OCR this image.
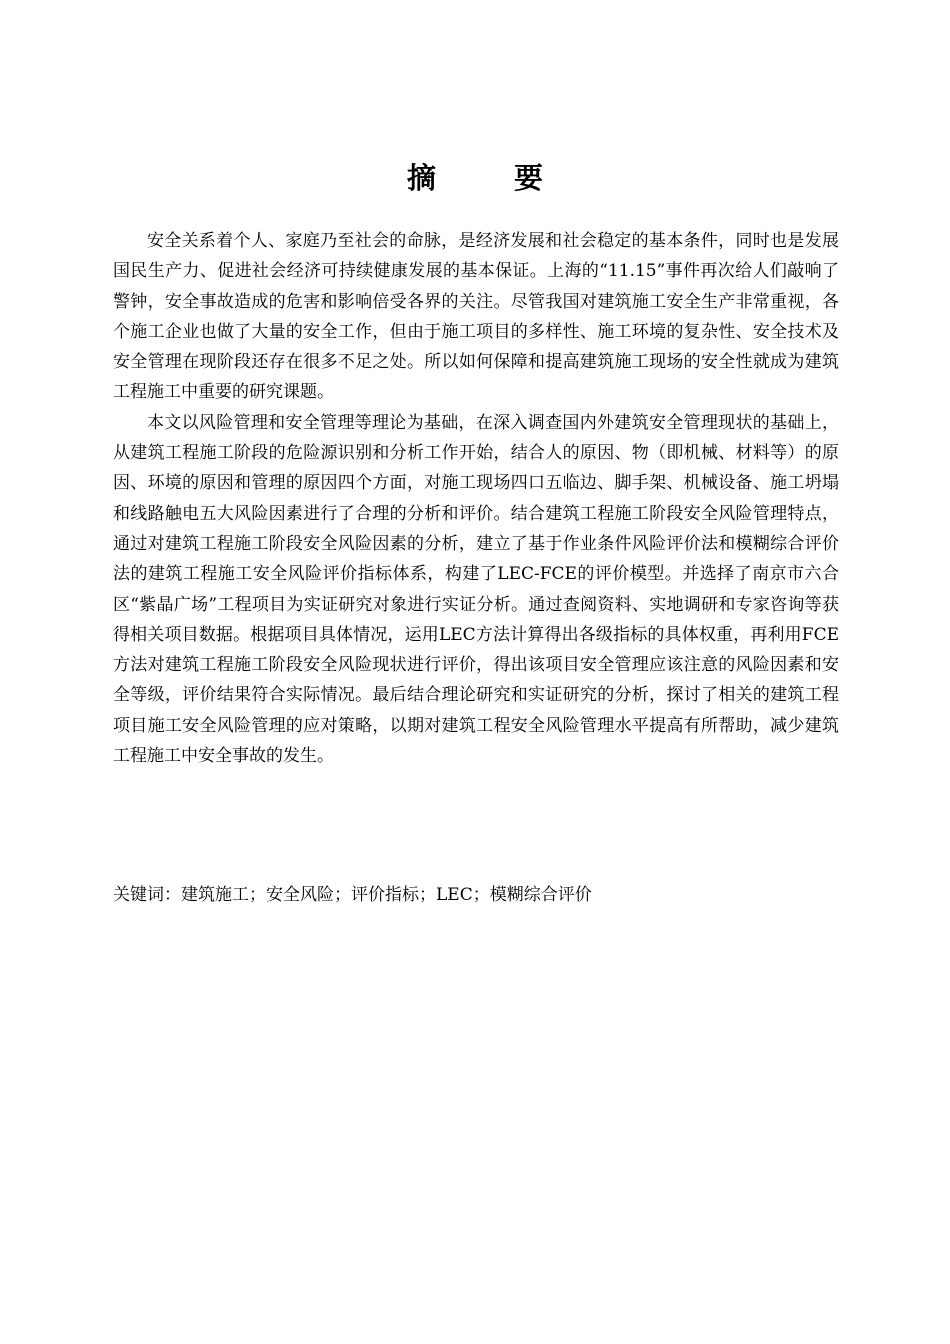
摘 要

安全关系着个人、家庭乃至社会的命脉，是经济发展和社会稳定的基本条件，同时也是发展国民生产力、促进社会经济可持续健康发展的基本保证。上海的“11.15”事件再次给人们敲响了警钟，安全事故造成的危害和影响倍受各界的关注。尽管我国对建筑施工安全生产非常重视，各个施工企业也做了大量的安全工作，但由于施工项目的多样性、施工环境的复杂性、安全技术及安全管理在现阶段还存在很多不足之处。所以如何保障和提高建筑施工现场的安全性就成为建筑工程施工中重要的研究课题。

本文以风险管理和安全管理等理论为基础，在深入调查国内外建筑安全管理现状的基础上，从建筑工程施工阶段的危险源识别和分析工作开始，结合人的原因、物（即机械、材料等）的原因、环境的原因和管理的原因四个方面，对施工现场四口五临边、脚手架、机械设备、施工坍塌和线路触电五大风险因素进行了合理的分析和评价。结合建筑工程施工阶段安全风险管理特点，通过对建筑工程施工阶段安全风险因素的分析，建立了基于作业条件风险评价法和模糊综合评价法的建筑工程施工安全风险评价指标体系，构建了LEC-FCE的评价模型。并选择了南京市六合区“紫晶广场”工程项目为实证研究对象进行实证分析。通过查阅资料、实地调研和专家咨询等获得相关项目数据。根据项目具体情况，运用LEC方法计算得出各级指标的具体权重，再利用FCE方法对建筑工程施工阶段安全风险现状进行评价，得出该项目安全管理应该注意的风险因素和安全等级，评价结果符合实际情况。最后结合理论研究和实证研究的分析，探讨了相关的建筑工程项目施工安全风险管理的应对策略，以期对建筑工程安全风险管理水平提高有所帮助，减少建筑工程施工中安全事故的发生。

关键词：建筑施工；安全风险；评价指标；LEC；模糊综合评价
